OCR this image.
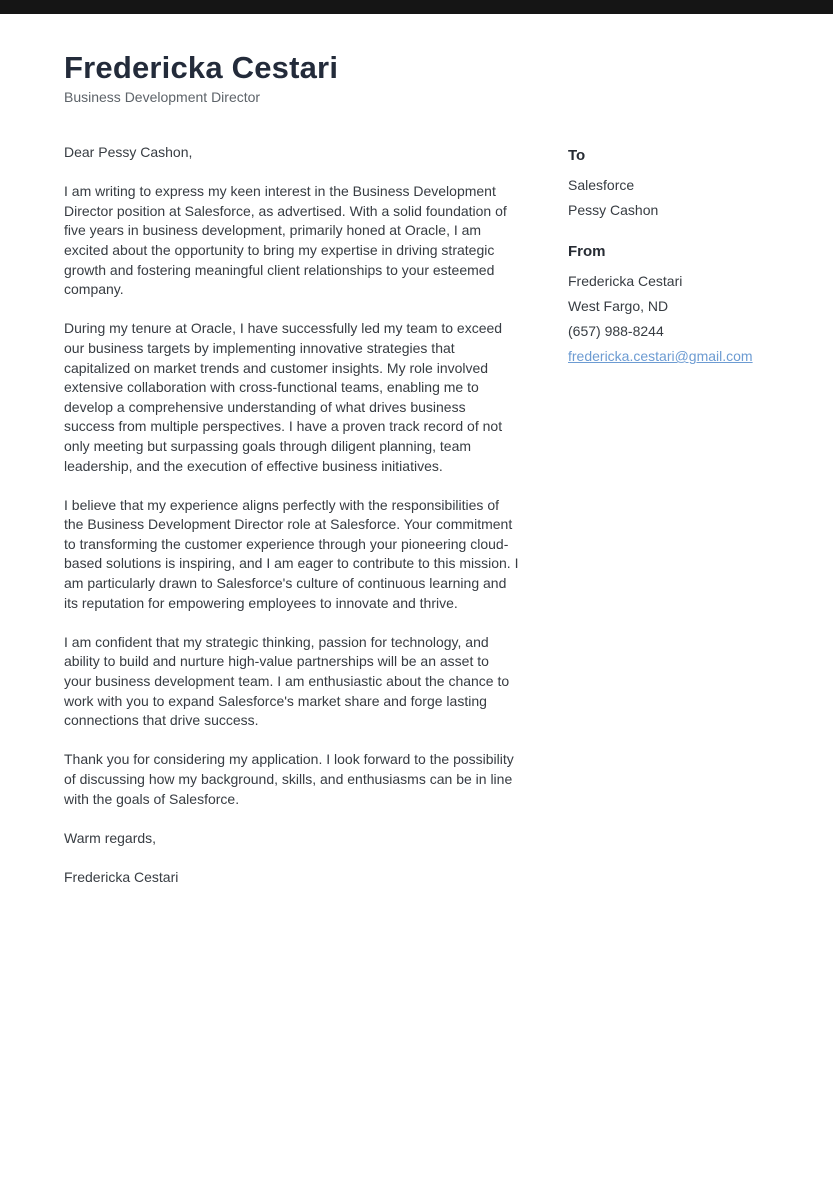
Fredericka Cestari
Business Development Director

Dear Pessy Cashon,

I am writing to express my keen interest in the Business Development Director position at Salesforce, as advertised. With a solid foundation of five years in business development, primarily honed at Oracle, I am excited about the opportunity to bring my expertise in driving strategic growth and fostering meaningful client relationships to your esteemed company.

During my tenure at Oracle, I have successfully led my team to exceed our business targets by implementing innovative strategies that capitalized on market trends and customer insights. My role involved extensive collaboration with cross-functional teams, enabling me to develop a comprehensive understanding of what drives business success from multiple perspectives. I have a proven track record of not only meeting but surpassing goals through diligent planning, team leadership, and the execution of effective business initiatives.

I believe that my experience aligns perfectly with the responsibilities of the Business Development Director role at Salesforce. Your commitment to transforming the customer experience through your pioneering cloud-based solutions is inspiring, and I am eager to contribute to this mission. I am particularly drawn to Salesforce's culture of continuous learning and its reputation for empowering employees to innovate and thrive.

I am confident that my strategic thinking, passion for technology, and ability to build and nurture high-value partnerships will be an asset to your business development team. I am enthusiastic about the chance to work with you to expand Salesforce's market share and forge lasting connections that drive success.

Thank you for considering my application. I look forward to the possibility of discussing how my background, skills, and enthusiasms can be in line with the goals of Salesforce.

Warm regards,

Fredericka Cestari

To
Salesforce
Pessy Cashon
From
Fredericka Cestari
West Fargo, ND
(657) 988-8244
fredericka.cestari@gmail.com
